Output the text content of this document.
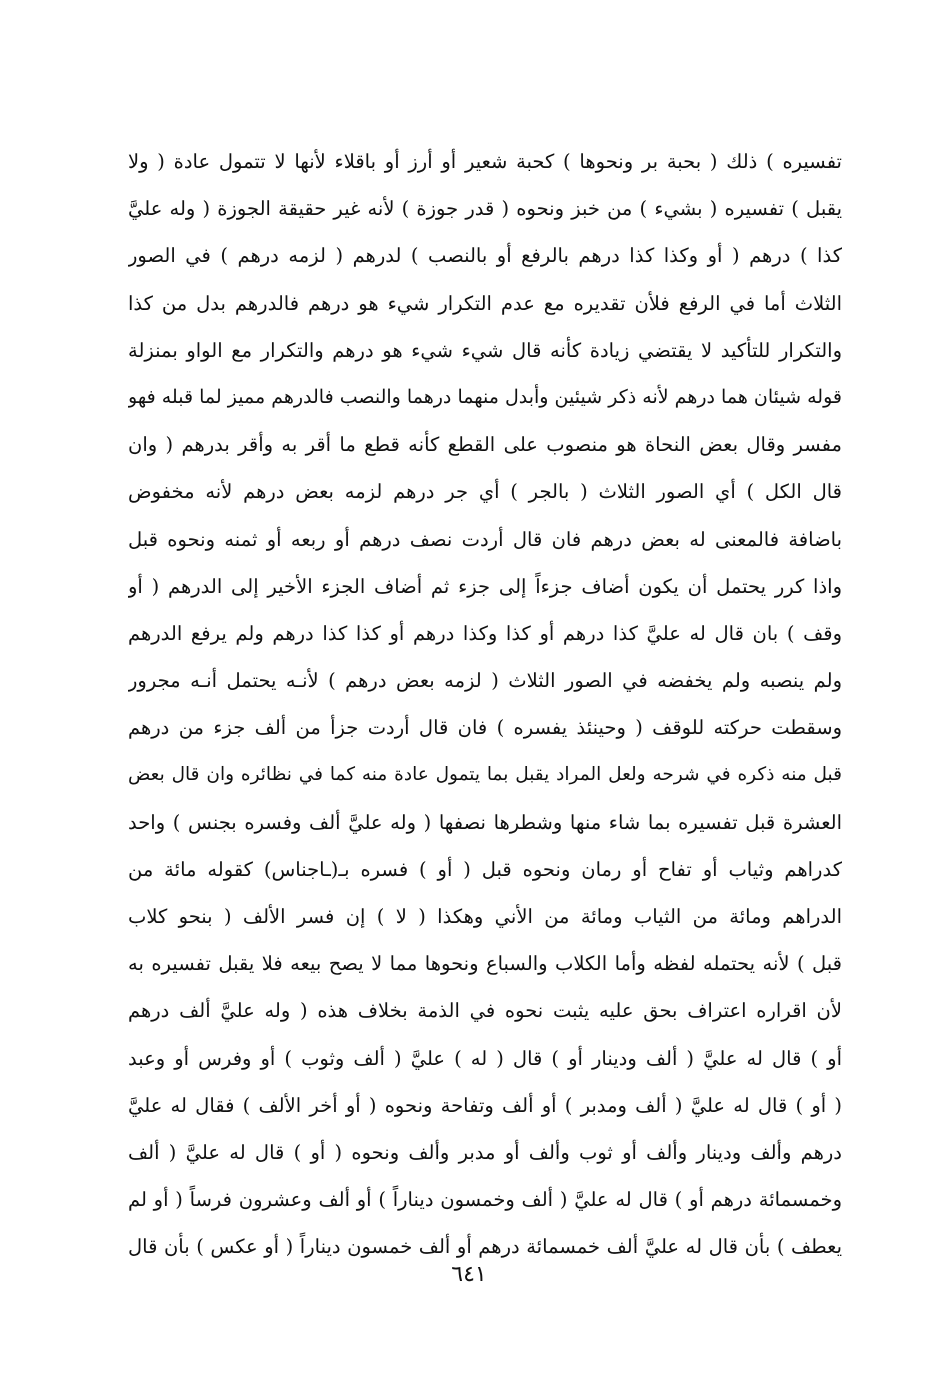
تفسيره ) ذلك ( بحبة بر ونحوها ) كحبة شعير أو أرز أو باقلاء لأنها لا تتمول عادة ( ولا
يقبل ) تفسيره ( بشيء ) من خبز ونحوه ( قدر جوزة ) لأنه غير حقيقة الجوزة ( وله عليَّ
كذا ) درهم ( أو وكذا كذا درهم بالرفع أو بالنصب ) لدرهم ( لزمه درهم ) في الصور
الثلاث أما في الرفع فلأن تقديره مع عدم التكرار شيء هو درهم فالدرهم بدل من كذا
والتكرار للتأكيد لا يقتضي زيادة كأنه قال شيء شيء هو درهم والتكرار مع الواو بمنزلة
قوله شيئان هما درهم لأنه ذكر شيئين وأبدل منهما درهما والنصب فالدرهم مميز لما قبله فهو
مفسر وقال بعض النحاة هو منصوب على القطع كأنه قطع ما أقر به وأقر بدرهم ( وان
قال الكل ) أي الصور الثلاث ( بالجر ) أي جر درهم لزمه بعض درهم لأنه مخفوض
باضافة فالمعنى له بعض درهم فان قال أردت نصف درهم أو ربعه أو ثمنه ونحوه قبل
واذا كرر يحتمل أن يكون أضاف جزءاً إلى جزء ثم أضاف الجزء الأخير إلى الدرهم ( أو
وقف ) بان قال له عليَّ كذا درهم أو كذا وكذا درهم أو كذا كذا درهم ولم يرفع الدرهم
ولم ينصبه ولم يخفضه في الصور الثلاث ( لزمه بعض درهم ) لأنـه يحتمل أنـه مجرور
وسقطت حركته للوقف ( وحينئذ يفسره ) فان قال أردت جزأ من ألف جزء من درهم
قبل منه ذكره في شرحه ولعل المراد يقبل بما يتمول عادة منه كما في نظائره وان قال بعض
العشرة قبل تفسيره بما شاء منها وشطرها نصفها ( وله عليَّ ألف وفسره بجنس ) واحد
كدراهم وثياب أو تفاح أو رمان ونحوه قبل ( أو ) فسره بـ(ـاجناس) كقوله مائة من
الدراهم ومائة من الثياب ومائة من الأني وهكذا ( لا ) إن فسر الألف ( بنحو كلاب
قبل ) لأنه يحتمله لفظه وأما الكلاب والسباع ونحوها مما لا يصح بيعه فلا يقبل تفسيره به
لأن اقراره اعتراف بحق عليه يثبت نحوه في الذمة بخلاف هذه ( وله عليَّ ألف درهم
أو ) قال له عليَّ ( ألف ودينار أو ) قال ( له ) عليَّ ( ألف وثوب ) أو وفرس أو وعبد
( أو ) قال له عليَّ ( ألف ومدبر ) أو ألف وتفاحة ونحوه ( أو أخر الألف ) فقال له عليَّ
درهم وألف ودينار وألف أو ثوب وألف أو مدبر وألف ونحوه ( أو ) قال له عليَّ ( ألف
وخمسمائة درهم أو ) قال له عليَّ ( ألف وخمسون ديناراً ) أو ألف وعشرون فرساً ( أو لم
يعطف ) بأن قال له عليَّ ألف خمسمائة درهم أو ألف خمسون ديناراً ( أو عكس ) بأن قال
٦٤١
